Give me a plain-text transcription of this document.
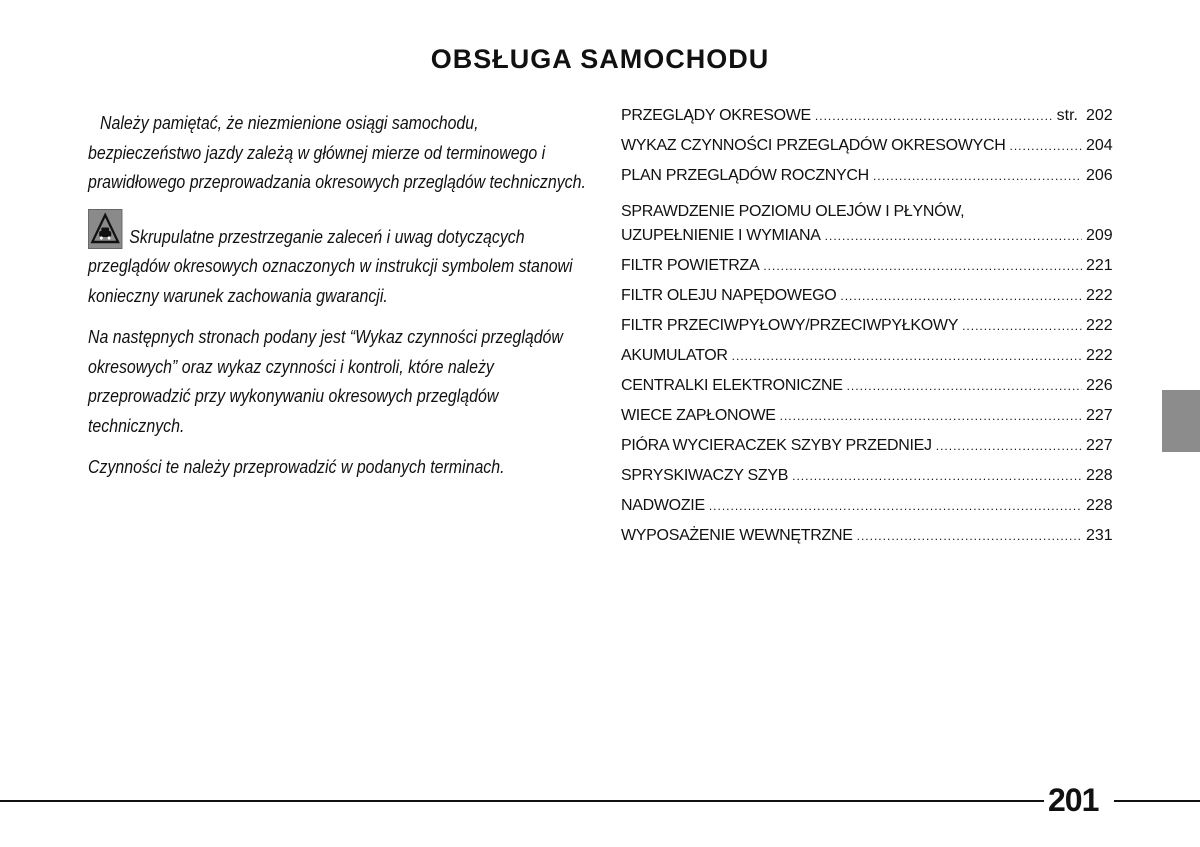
OBSŁUGA SAMOCHODU

Należy pamiętać, że niezmienione osiągi samochodu, bezpieczeństwo jazdy zależą w głównej mierze od terminowego i prawidłowego przeprowadzania okresowych przeglądów technicznych.

Skrupulatne przestrzeganie zaleceń i uwag dotyczących przeglądów okresowych oznaczonych w instrukcji symbolem stanowi konieczny warunek zachowania gwarancji.

Na następnych stronach podany jest “Wykaz czynności przeglądów okresowych” oraz wykaz czynności i kontroli, które należy przeprowadzić przy wykonywaniu okresowych przeglądów technicznych.

Czynności te należy przeprowadzić w podanych terminach.

PRZEGLĄDY OKRESOWE .....	str. 202
WYKAZ CZYNNOŚCI PRZEGLĄDÓW OKRESOWYCH .....	204
PLAN PRZEGLĄDÓW ROCZNYCH .....	206
SPRAWDZENIE POZIOMU OLEJÓW I PŁYNÓW,
UZUPEŁNIENIE I WYMIANA .....	209
FILTR POWIETRZA .....	221
FILTR OLEJU NAPĘDOWEGO .....	222
FILTR PRZECIWPYŁOWY/PRZECIWPYŁKOWY .....	222
AKUMULATOR .....	222
CENTRALKI ELEKTRONICZNE .....	226
WIECE ZAPŁONOWE .....	227
PIÓRA WYCIERACZEK SZYBY PRZEDNIEJ .....	227
SPRYSKIWACZY SZYB .....	228
NADWOZIE .....	228
WYPOSAŻENIE WEWNĘTRZNE .....	231
201
